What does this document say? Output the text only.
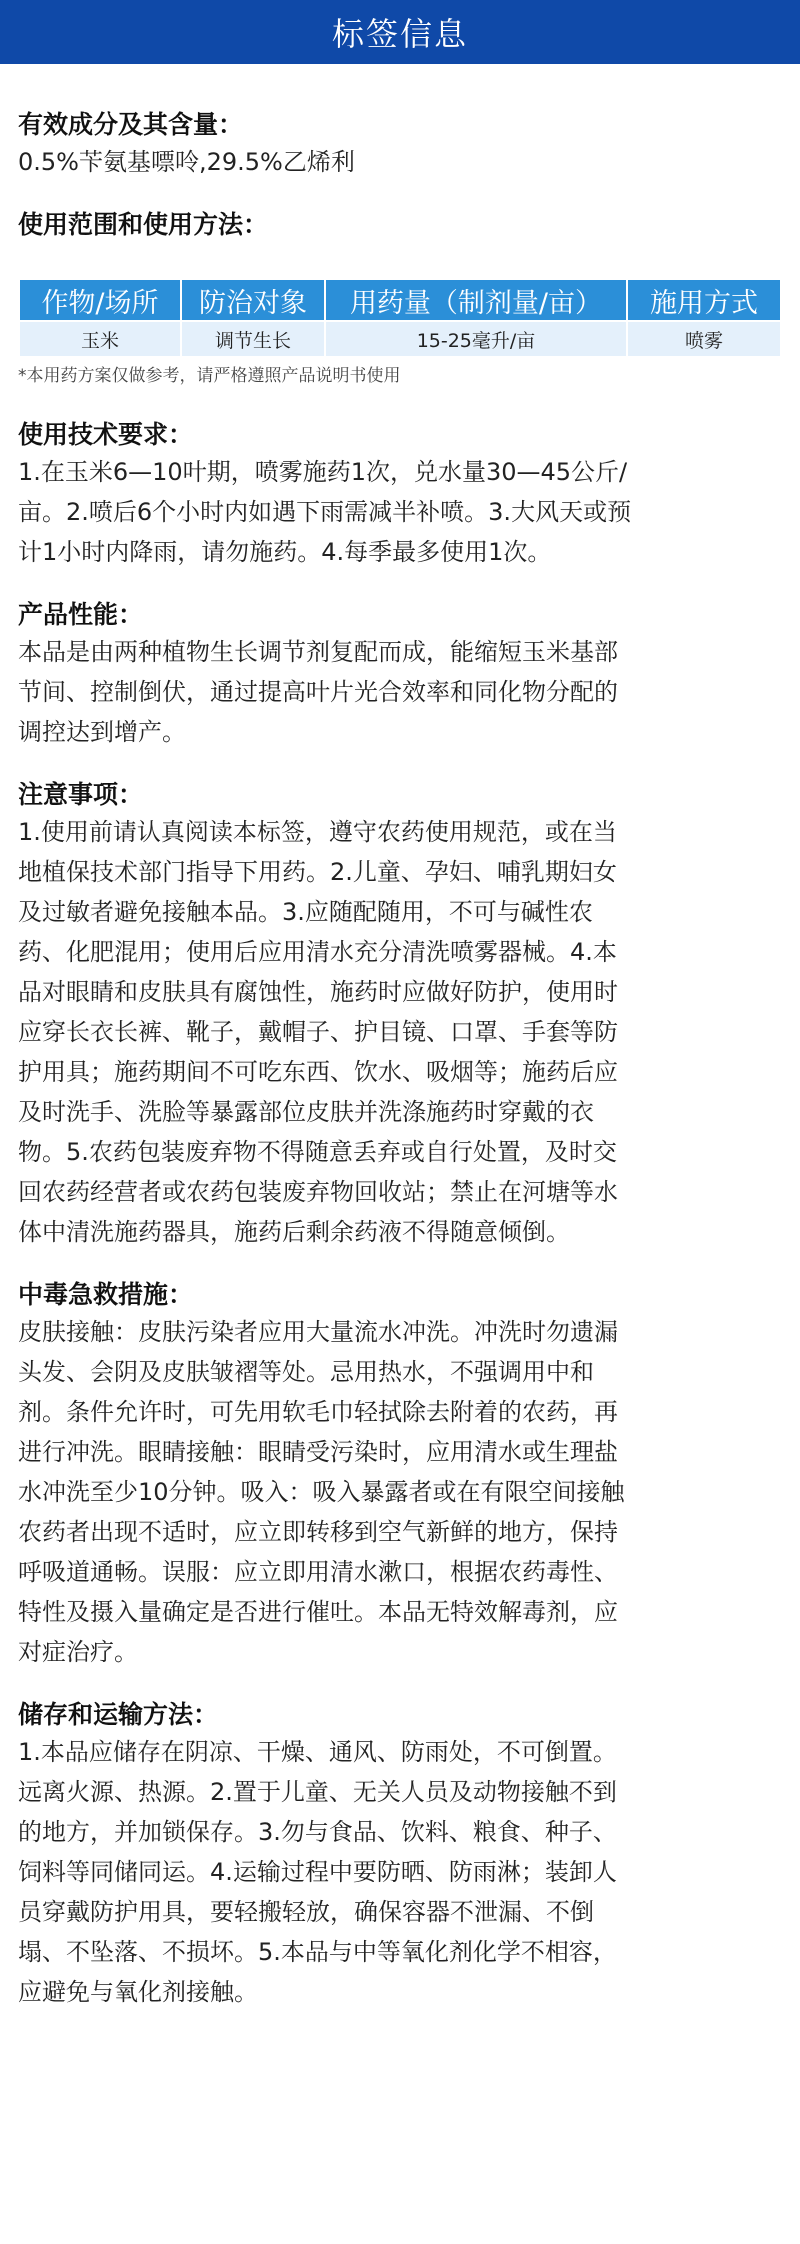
标签信息

有效成分及其含量：

0.5%苄氨基嘌呤,29.5%乙烯利

使用范围和使用方法：

作物/场所	防治对象	用药量（制剂量/亩）	施用方式
玉米	调节生长	15-25毫升/亩	喷雾
*本用药方案仅做参考，请严格遵照产品说明书使用

使用技术要求：

1.在玉米6—10叶期，喷雾施药1次，兑水量30—45公斤/
亩。2.喷后6个小时内如遇下雨需减半补喷。3.大风天或预
计1小时内降雨，请勿施药。4.每季最多使用1次。

产品性能：

本品是由两种植物生长调节剂复配而成，能缩短玉米基部
节间、控制倒伏，通过提高叶片光合效率和同化物分配的
调控达到增产。

注意事项：

1.使用前请认真阅读本标签，遵守农药使用规范，或在当
地植保技术部门指导下用药。2.儿童、孕妇、哺乳期妇女
及过敏者避免接触本品。3.应随配随用，不可与碱性农
药、化肥混用；使用后应用清水充分清洗喷雾器械。4.本
品对眼睛和皮肤具有腐蚀性，施药时应做好防护，使用时
应穿长衣长裤、靴子，戴帽子、护目镜、口罩、手套等防
护用具；施药期间不可吃东西、饮水、吸烟等；施药后应
及时洗手、洗脸等暴露部位皮肤并洗涤施药时穿戴的衣
物。5.农药包装废弃物不得随意丢弃或自行处置，及时交
回农药经营者或农药包装废弃物回收站；禁止在河塘等水
体中清洗施药器具，施药后剩余药液不得随意倾倒。

中毒急救措施：

皮肤接触：皮肤污染者应用大量流水冲洗。冲洗时勿遗漏
头发、会阴及皮肤皱褶等处。忌用热水，不强调用中和
剂。条件允许时，可先用软毛巾轻拭除去附着的农药，再
进行冲洗。眼睛接触：眼睛受污染时，应用清水或生理盐
水冲洗至少10分钟。吸入：吸入暴露者或在有限空间接触
农药者出现不适时，应立即转移到空气新鲜的地方，保持
呼吸道通畅。误服：应立即用清水漱口，根据农药毒性、
特性及摄入量确定是否进行催吐。本品无特效解毒剂，应
对症治疗。

储存和运输方法：

1.本品应储存在阴凉、干燥、通风、防雨处，不可倒置。
远离火源、热源。2.置于儿童、无关人员及动物接触不到
的地方，并加锁保存。3.勿与食品、饮料、粮食、种子、
饲料等同储同运。4.运输过程中要防晒、防雨淋；装卸人
员穿戴防护用具，要轻搬轻放，确保容器不泄漏、不倒
塌、不坠落、不损坏。5.本品与中等氧化剂化学不相容，
应避免与氧化剂接触。
